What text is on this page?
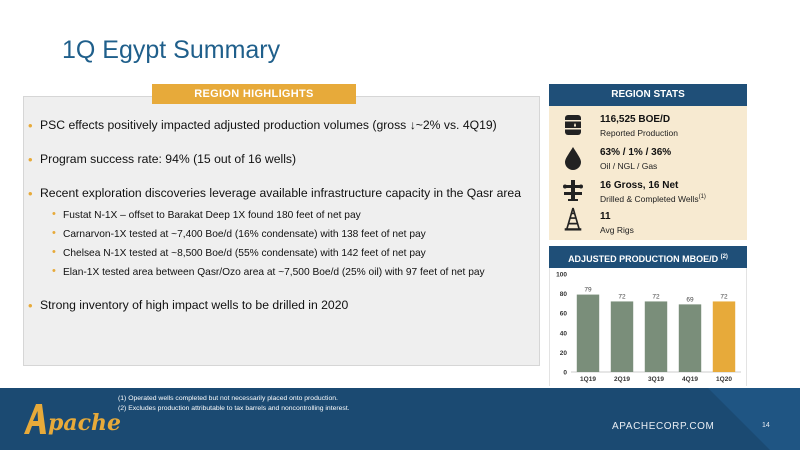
1Q Egypt Summary
REGION HIGHLIGHTS
• PSC effects positively impacted adjusted production volumes (gross ↓~2% vs. 4Q19)
• Program success rate: 94% (15 out of 16 wells)
• Recent exploration discoveries leverage available infrastructure capacity in the Qasr area
• Fustat N-1X – offset to Barakat Deep 1X found 180 feet of net pay
• Carnarvon-1X tested at ~7,400 Boe/d (16% condensate) with 138 feet of net pay
• Chelsea N-1X tested at ~8,500 Boe/d (55% condensate) with 142 feet of net pay
• Elan-1X tested area between Qasr/Ozo area at ~7,500 Boe/d (25% oil) with 97 feet of net pay
• Strong inventory of high impact wells to be drilled in 2020
REGION STATS
116,525 BOE/D
Reported Production
63% / 1% / 36%
Oil / NGL / Gas
16 Gross, 16 Net
Drilled & Completed Wells$^{(1)}$
11
Avg Rigs
ADJUSTED PRODUCTION MBOE/D $^{(2)}$
0
20
40
60
80
100
79
1Q19
72
2Q19
72
3Q19
69
4Q19
72
1Q20
pache
(1) Operated wells completed but not necessarily placed onto production.
(2) Excludes production attributable to tax barrels and noncontrolling interest.
APACHECORP.COM	14
